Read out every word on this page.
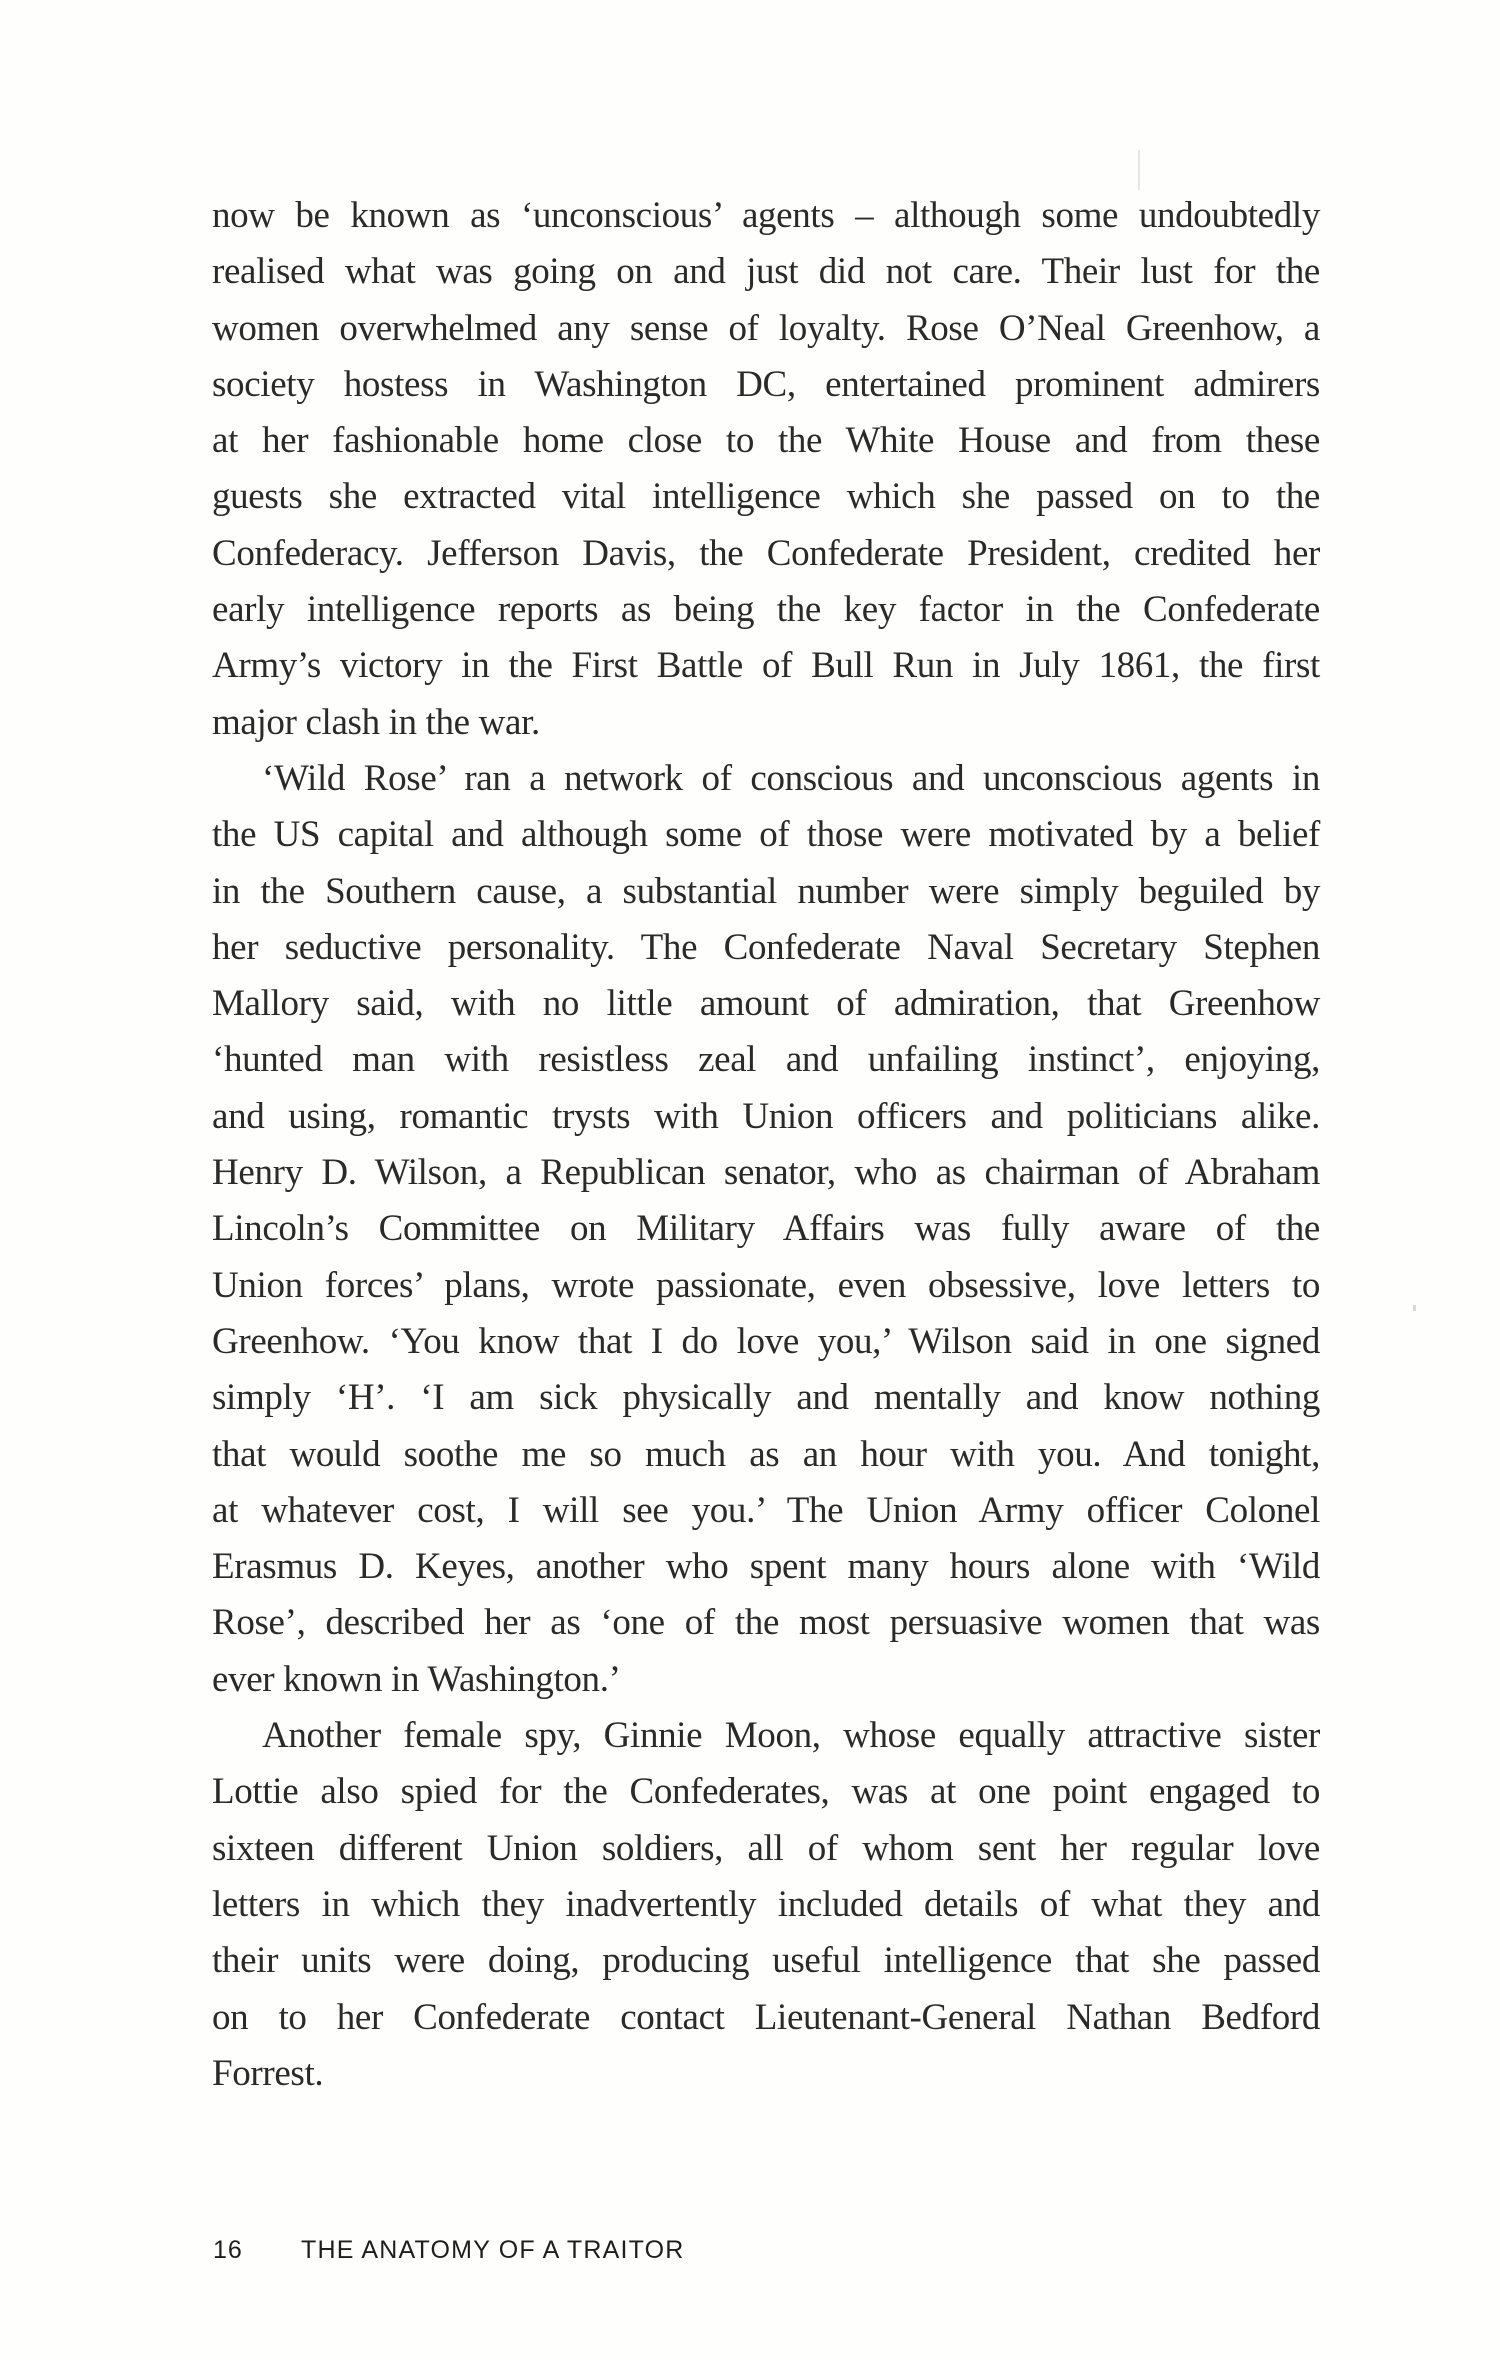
now be known as ‘unconscious’ agents – although some undoubtedly
realised what was going on and just did not care. Their lust for the
women overwhelmed any sense of loyalty. Rose O’Neal Greenhow, a
society hostess in Washington DC, entertained prominent admirers
at her fashionable home close to the White House and from these
guests she extracted vital intelligence which she passed on to the
Confederacy. Jefferson Davis, the Confederate President, credited her
early intelligence reports as being the key factor in the Confederate
Army’s victory in the First Battle of Bull Run in July 1861, the first
major clash in the war.
‘Wild Rose’ ran a network of conscious and unconscious agents in
the US capital and although some of those were motivated by a belief
in the Southern cause, a substantial number were simply beguiled by
her seductive personality. The Confederate Naval Secretary Stephen
Mallory said, with no little amount of admiration, that Greenhow
‘hunted man with resistless zeal and unfailing instinct’, enjoying,
and using, romantic trysts with Union officers and politicians alike.
Henry D. Wilson, a Republican senator, who as chairman of Abraham
Lincoln’s Committee on Military Affairs was fully aware of the
Union forces’ plans, wrote passionate, even obsessive, love letters to
Greenhow. ‘You know that I do love you,’ Wilson said in one signed
simply ‘H’. ‘I am sick physically and mentally and know nothing
that would soothe me so much as an hour with you. And tonight,
at whatever cost, I will see you.’ The Union Army officer Colonel
Erasmus D. Keyes, another who spent many hours alone with ‘Wild
Rose’, described her as ‘one of the most persuasive women that was
ever known in Washington.’
Another female spy, Ginnie Moon, whose equally attractive sister
Lottie also spied for the Confederates, was at one point engaged to
sixteen different Union soldiers, all of whom sent her regular love
letters in which they inadvertently included details of what they and
their units were doing, producing useful intelligence that she passed
on to her Confederate contact Lieutenant-General Nathan Bedford
Forrest.
16	THE ANATOMY OF A TRAITOR
